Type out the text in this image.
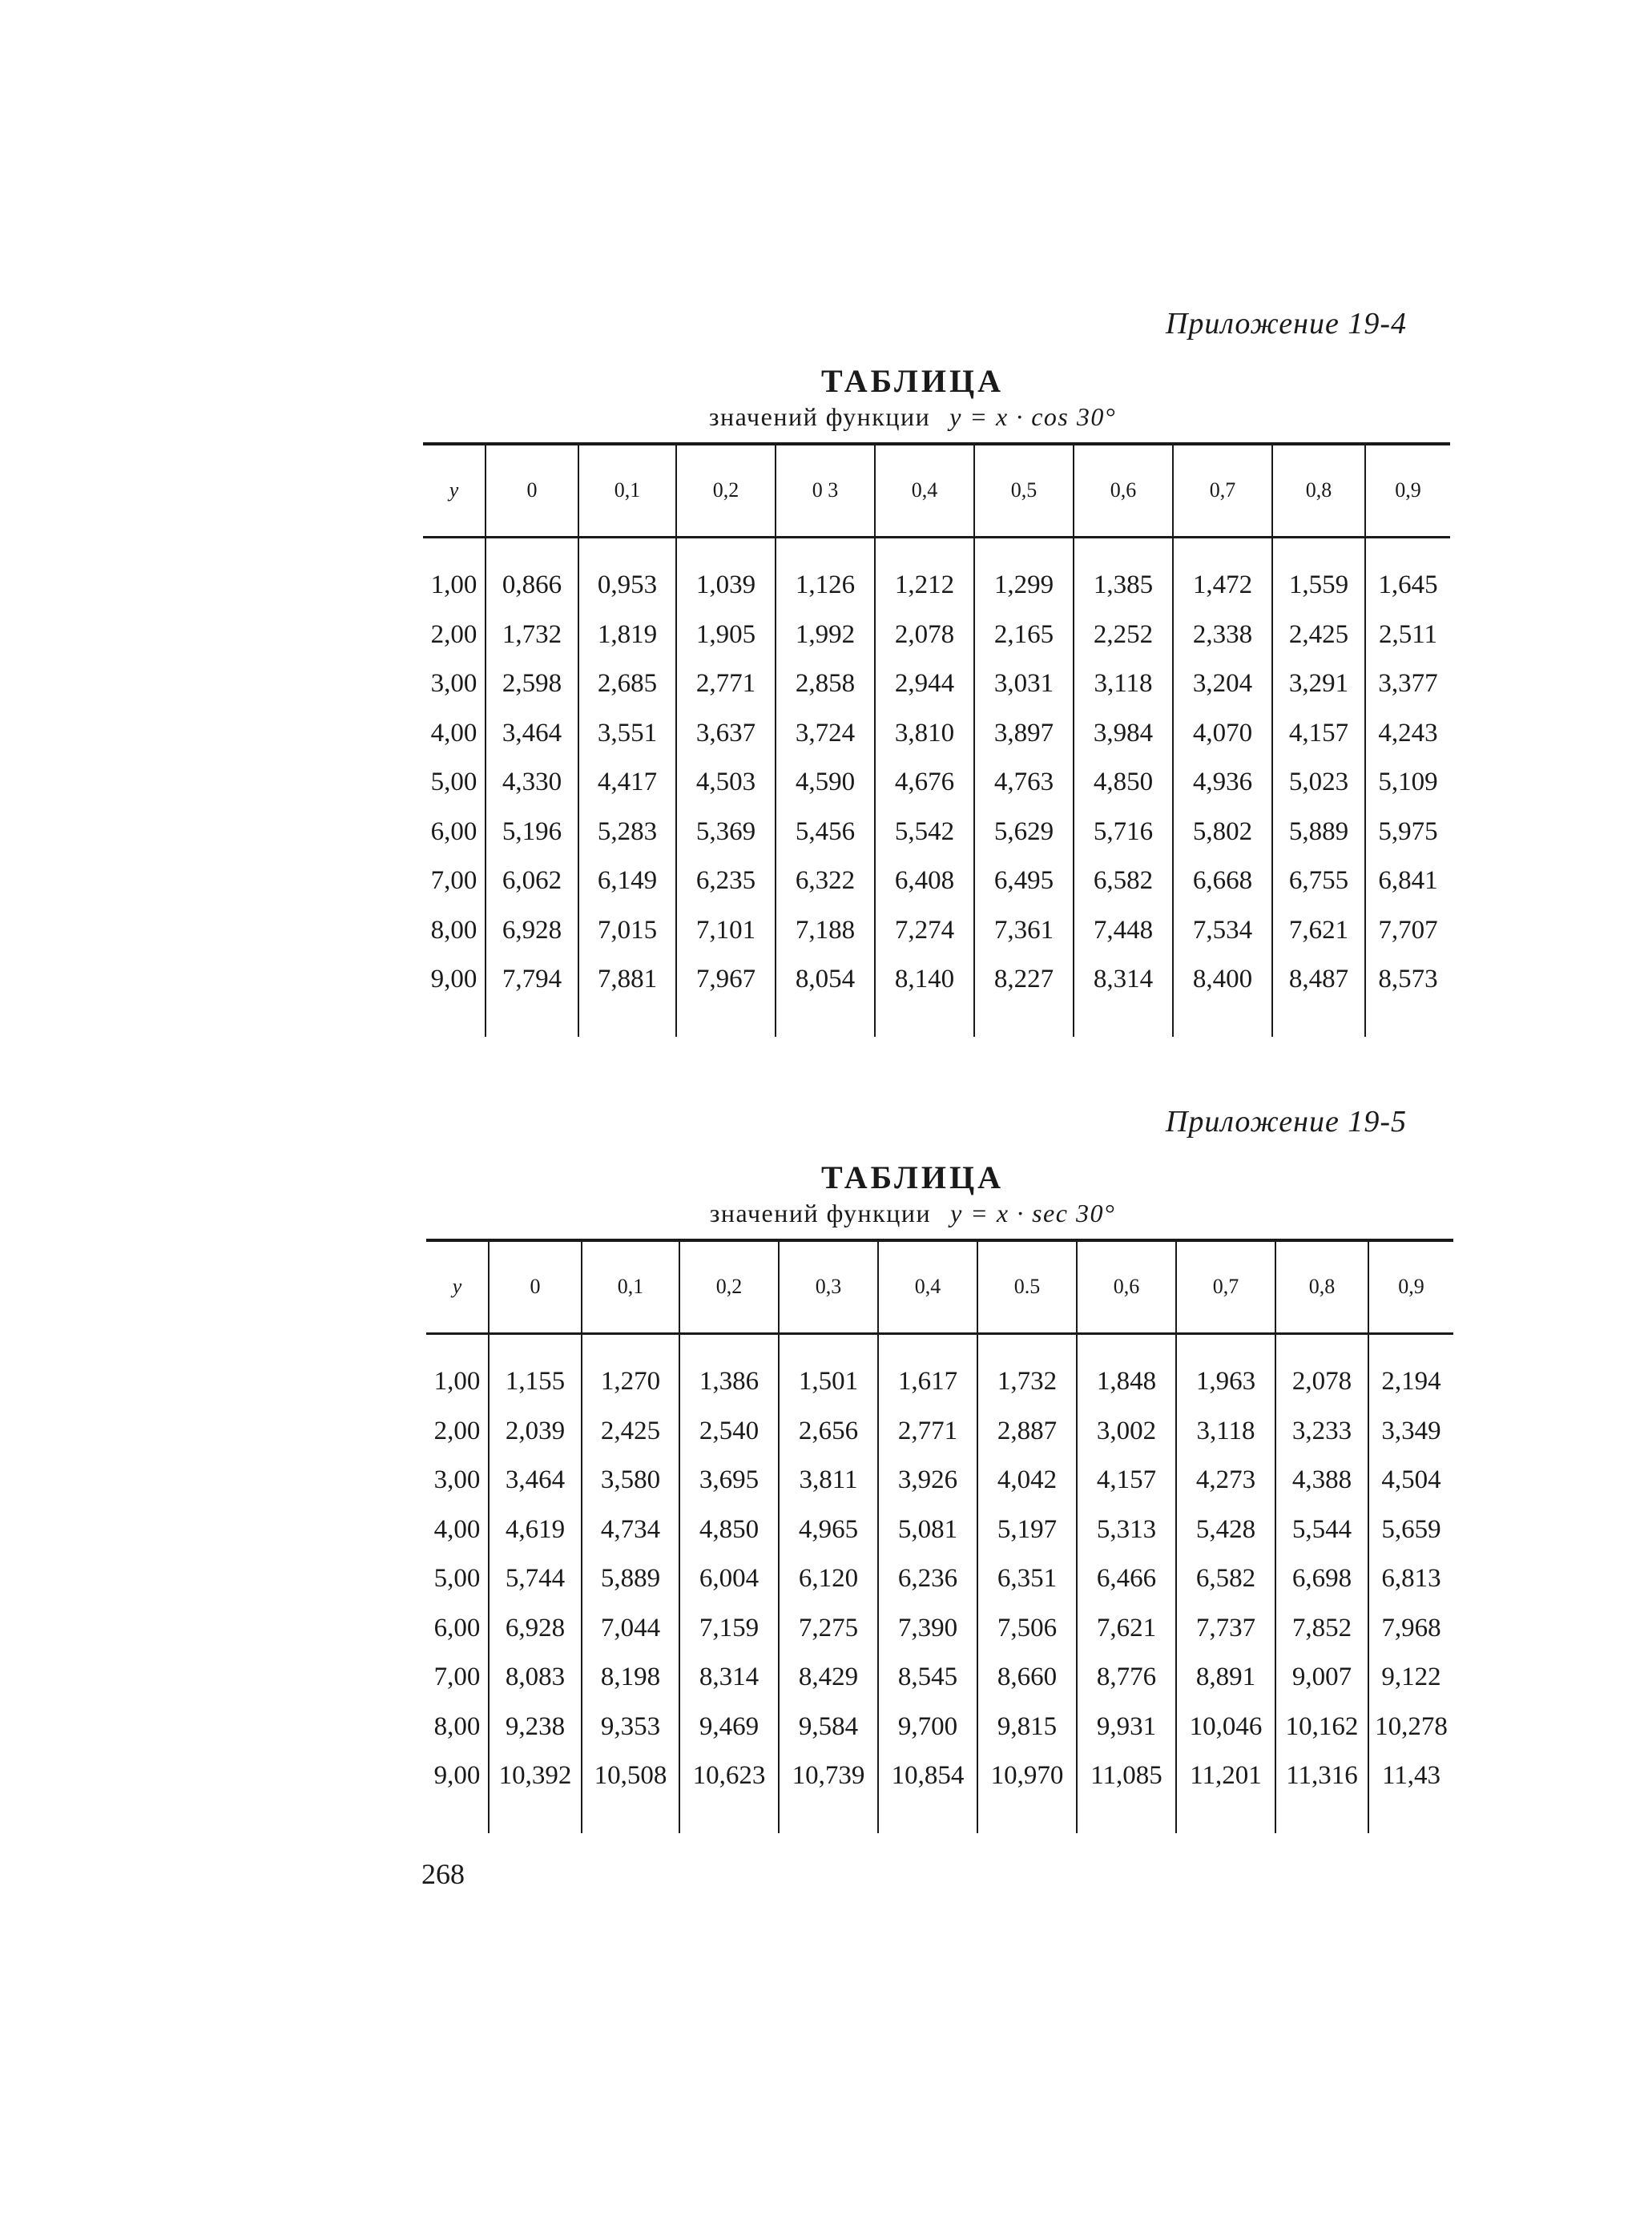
Приложение 19-4
ТАБЛИЦА
значений функции y = x · cos 30°
y	0	0,1	0,2	0 3	0,4	0,5	0,6	0,7	0,8	0,9

1,00	0,866	0,953	1,039	1,126	1,212	1,299	1,385	1,472	1,559	1,645
2,00	1,732	1,819	1,905	1,992	2,078	2,165	2,252	2,338	2,425	2,511
3,00	2,598	2,685	2,771	2,858	2,944	3,031	3,118	3,204	3,291	3,377
4,00	3,464	3,551	3,637	3,724	3,810	3,897	3,984	4,070	4,157	4,243
5,00	4,330	4,417	4,503	4,590	4,676	4,763	4,850	4,936	5,023	5,109
6,00	5,196	5,283	5,369	5,456	5,542	5,629	5,716	5,802	5,889	5,975
7,00	6,062	6,149	6,235	6,322	6,408	6,495	6,582	6,668	6,755	6,841
8,00	6,928	7,015	7,101	7,188	7,274	7,361	7,448	7,534	7,621	7,707
9,00	7,794	7,881	7,967	8,054	8,140	8,227	8,314	8,400	8,487	8,573

Приложение 19-5
ТАБЛИЦА
значений функции y = x · sec 30°
y	0	0,1	0,2	0,3	0,4	0.5	0,6	0,7	0,8	0,9

1,00	1,155	1,270	1,386	1,501	1,617	1,732	1,848	1,963	2,078	2,194
2,00	2,039	2,425	2,540	2,656	2,771	2,887	3,002	3,118	3,233	3,349
3,00	3,464	3,580	3,695	3,811	3,926	4,042	4,157	4,273	4,388	4,504
4,00	4,619	4,734	4,850	4,965	5,081	5,197	5,313	5,428	5,544	5,659
5,00	5,744	5,889	6,004	6,120	6,236	6,351	6,466	6,582	6,698	6,813
6,00	6,928	7,044	7,159	7,275	7,390	7,506	7,621	7,737	7,852	7,968
7,00	8,083	8,198	8,314	8,429	8,545	8,660	8,776	8,891	9,007	9,122
8,00	9,238	9,353	9,469	9,584	9,700	9,815	9,931	10,046	10,162	10,278
9,00	10,392	10,508	10,623	10,739	10,854	10,970	11,085	11,201	11,316	11,43

268
